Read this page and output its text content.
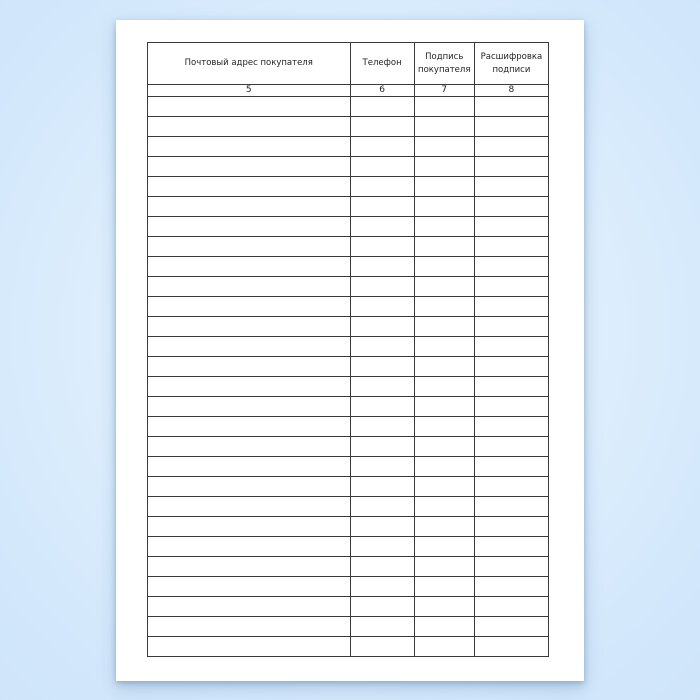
Почтовый адрес покупателя	Телефон	Подпись покупателя	Расшифровка подписи
5	6	7	8
